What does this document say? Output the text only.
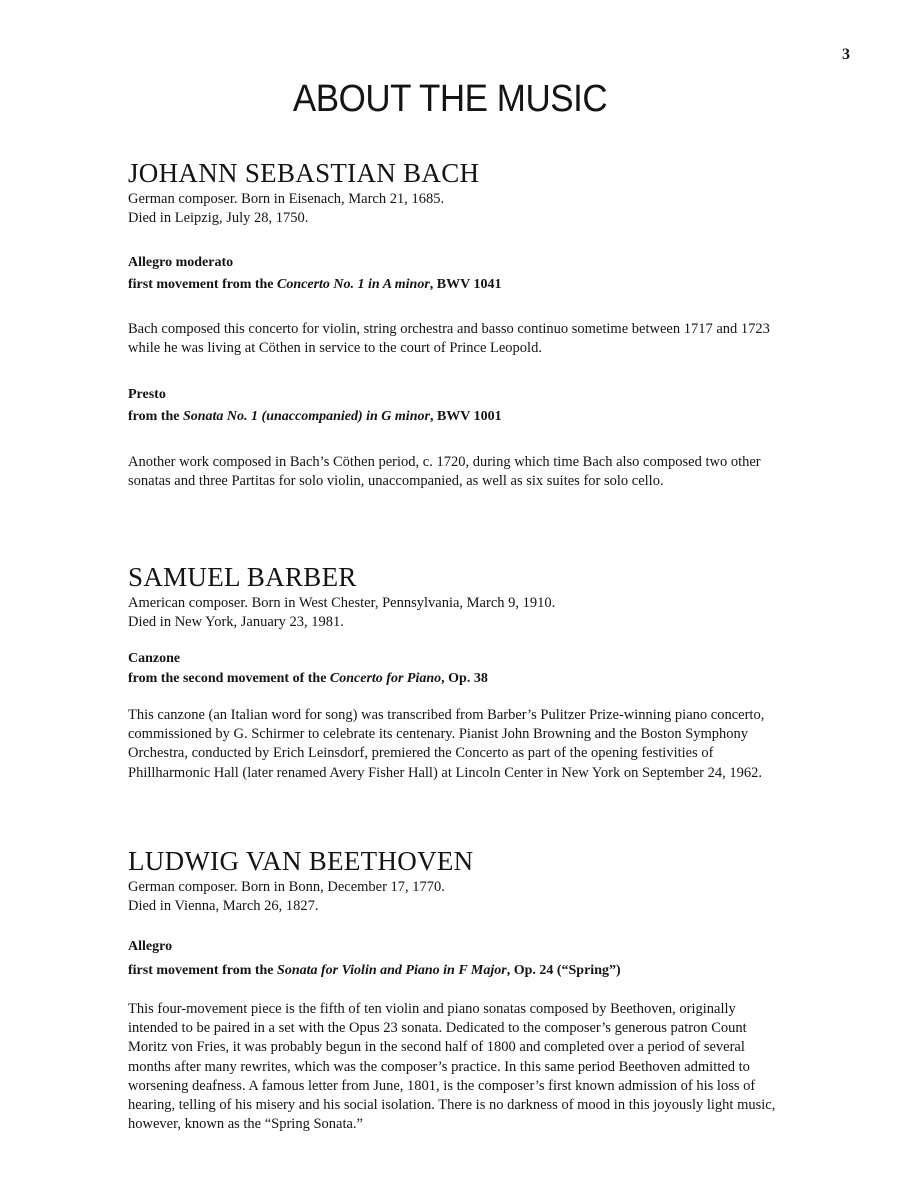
3
ABOUT THE MUSIC
JOHANN SEBASTIAN BACH

German composer. Born in Eisenach, March 21, 1685.

Died in Leipzig, July 28, 1750.

Allegro moderato

first movement from the Concerto No. 1 in A minor, BWV 1041

Bach composed this concerto for violin, string orchestra and basso continuo sometime between 1717 and 1723 while he was living at Cöthen in service to the court of Prince Leopold.

Presto

from the Sonata No. 1 (unaccompanied) in G minor, BWV 1001

Another work composed in Bach’s Cöthen period, c. 1720, during which time Bach also composed two other sonatas and three Partitas for solo violin, unaccompanied, as well as six suites for solo cello.

SAMUEL BARBER

American composer. Born in West Chester, Pennsylvania, March 9, 1910.

Died in New York, January 23, 1981.

Canzone

from the second movement of the Concerto for Piano, Op. 38

This canzone (an Italian word for song) was transcribed from Barber’s Pulitzer Prize-winning piano concerto, commissioned by G. Schirmer to celebrate its centenary. Pianist John Browning and the Boston Symphony Orchestra, conducted by Erich Leinsdorf, premiered the Concerto as part of the opening festivities of Phillharmonic Hall (later renamed Avery Fisher Hall) at Lincoln Center in New York on September 24, 1962.

LUDWIG VAN BEETHOVEN

German composer. Born in Bonn, December 17, 1770.

Died in Vienna, March 26, 1827.

Allegro

first movement from the Sonata for Violin and Piano in F Major, Op. 24 (“Spring”)

This four-movement piece is the fifth of ten violin and piano sonatas composed by Beethoven, originally intended to be paired in a set with the Opus 23 sonata. Dedicated to the composer’s generous patron Count Moritz von Fries, it was probably begun in the second half of 1800 and completed over a period of several months after many rewrites, which was the composer’s practice. In this same period Beethoven admitted to worsening deafness. A famous letter from June, 1801, is the composer’s first known admission of his loss of hearing, telling of his misery and his social isolation. There is no darkness of mood in this joyously light music, however, known as the “Spring Sonata.”
